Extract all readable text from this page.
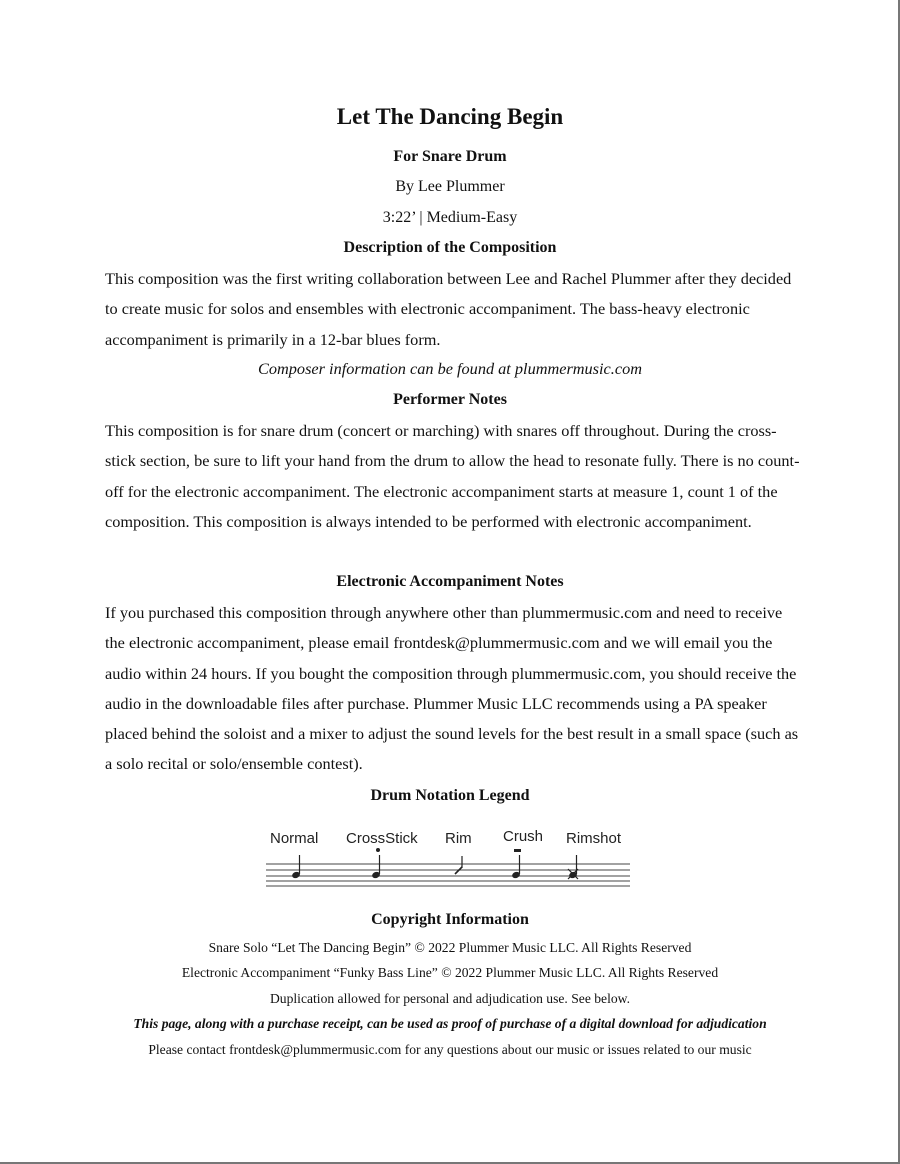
Let The Dancing Begin
For Snare Drum
By Lee Plummer
3:22’ | Medium-Easy
Description of the Composition

This composition was the first writing collaboration between Lee and Rachel Plummer after they decided to create music for solos and ensembles with electronic accompaniment. The bass-heavy electronic accompaniment is primarily in a 12-bar blues form.

Composer information can be found at plummermusic.com
Performer Notes

This composition is for snare drum (concert or marching) with snares off throughout. During the cross-stick section, be sure to lift your hand from the drum to allow the head to resonate fully. There is no count-off for the electronic accompaniment. The electronic accompaniment starts at measure 1, count 1 of the composition. This composition is always intended to be performed with electronic accompaniment.

Electronic Accompaniment Notes

If you purchased this composition through anywhere other than plummermusic.com and need to receive the electronic accompaniment, please email frontdesk@plummermusic.com and we will email you the audio within 24 hours. If you bought the composition through plummermusic.com, you should receive the audio in the downloadable files after purchase. Plummer Music LLC recommends using a PA speaker placed behind the soloist and a mixer to adjust the sound levels for the best result in a small space (such as a solo recital or solo/ensemble contest).

Drum Notation Legend
Normal CrossStick Rim Crush Rimshot
Copyright Information
Snare Solo “Let The Dancing Begin” © 2022 Plummer Music LLC. All Rights Reserved
Electronic Accompaniment “Funky Bass Line” © 2022 Plummer Music LLC. All Rights Reserved
Duplication allowed for personal and adjudication use. See below.
This page, along with a purchase receipt, can be used as proof of purchase of a digital download for adjudication
Please contact frontdesk@plummermusic.com for any questions about our music or issues related to our music
